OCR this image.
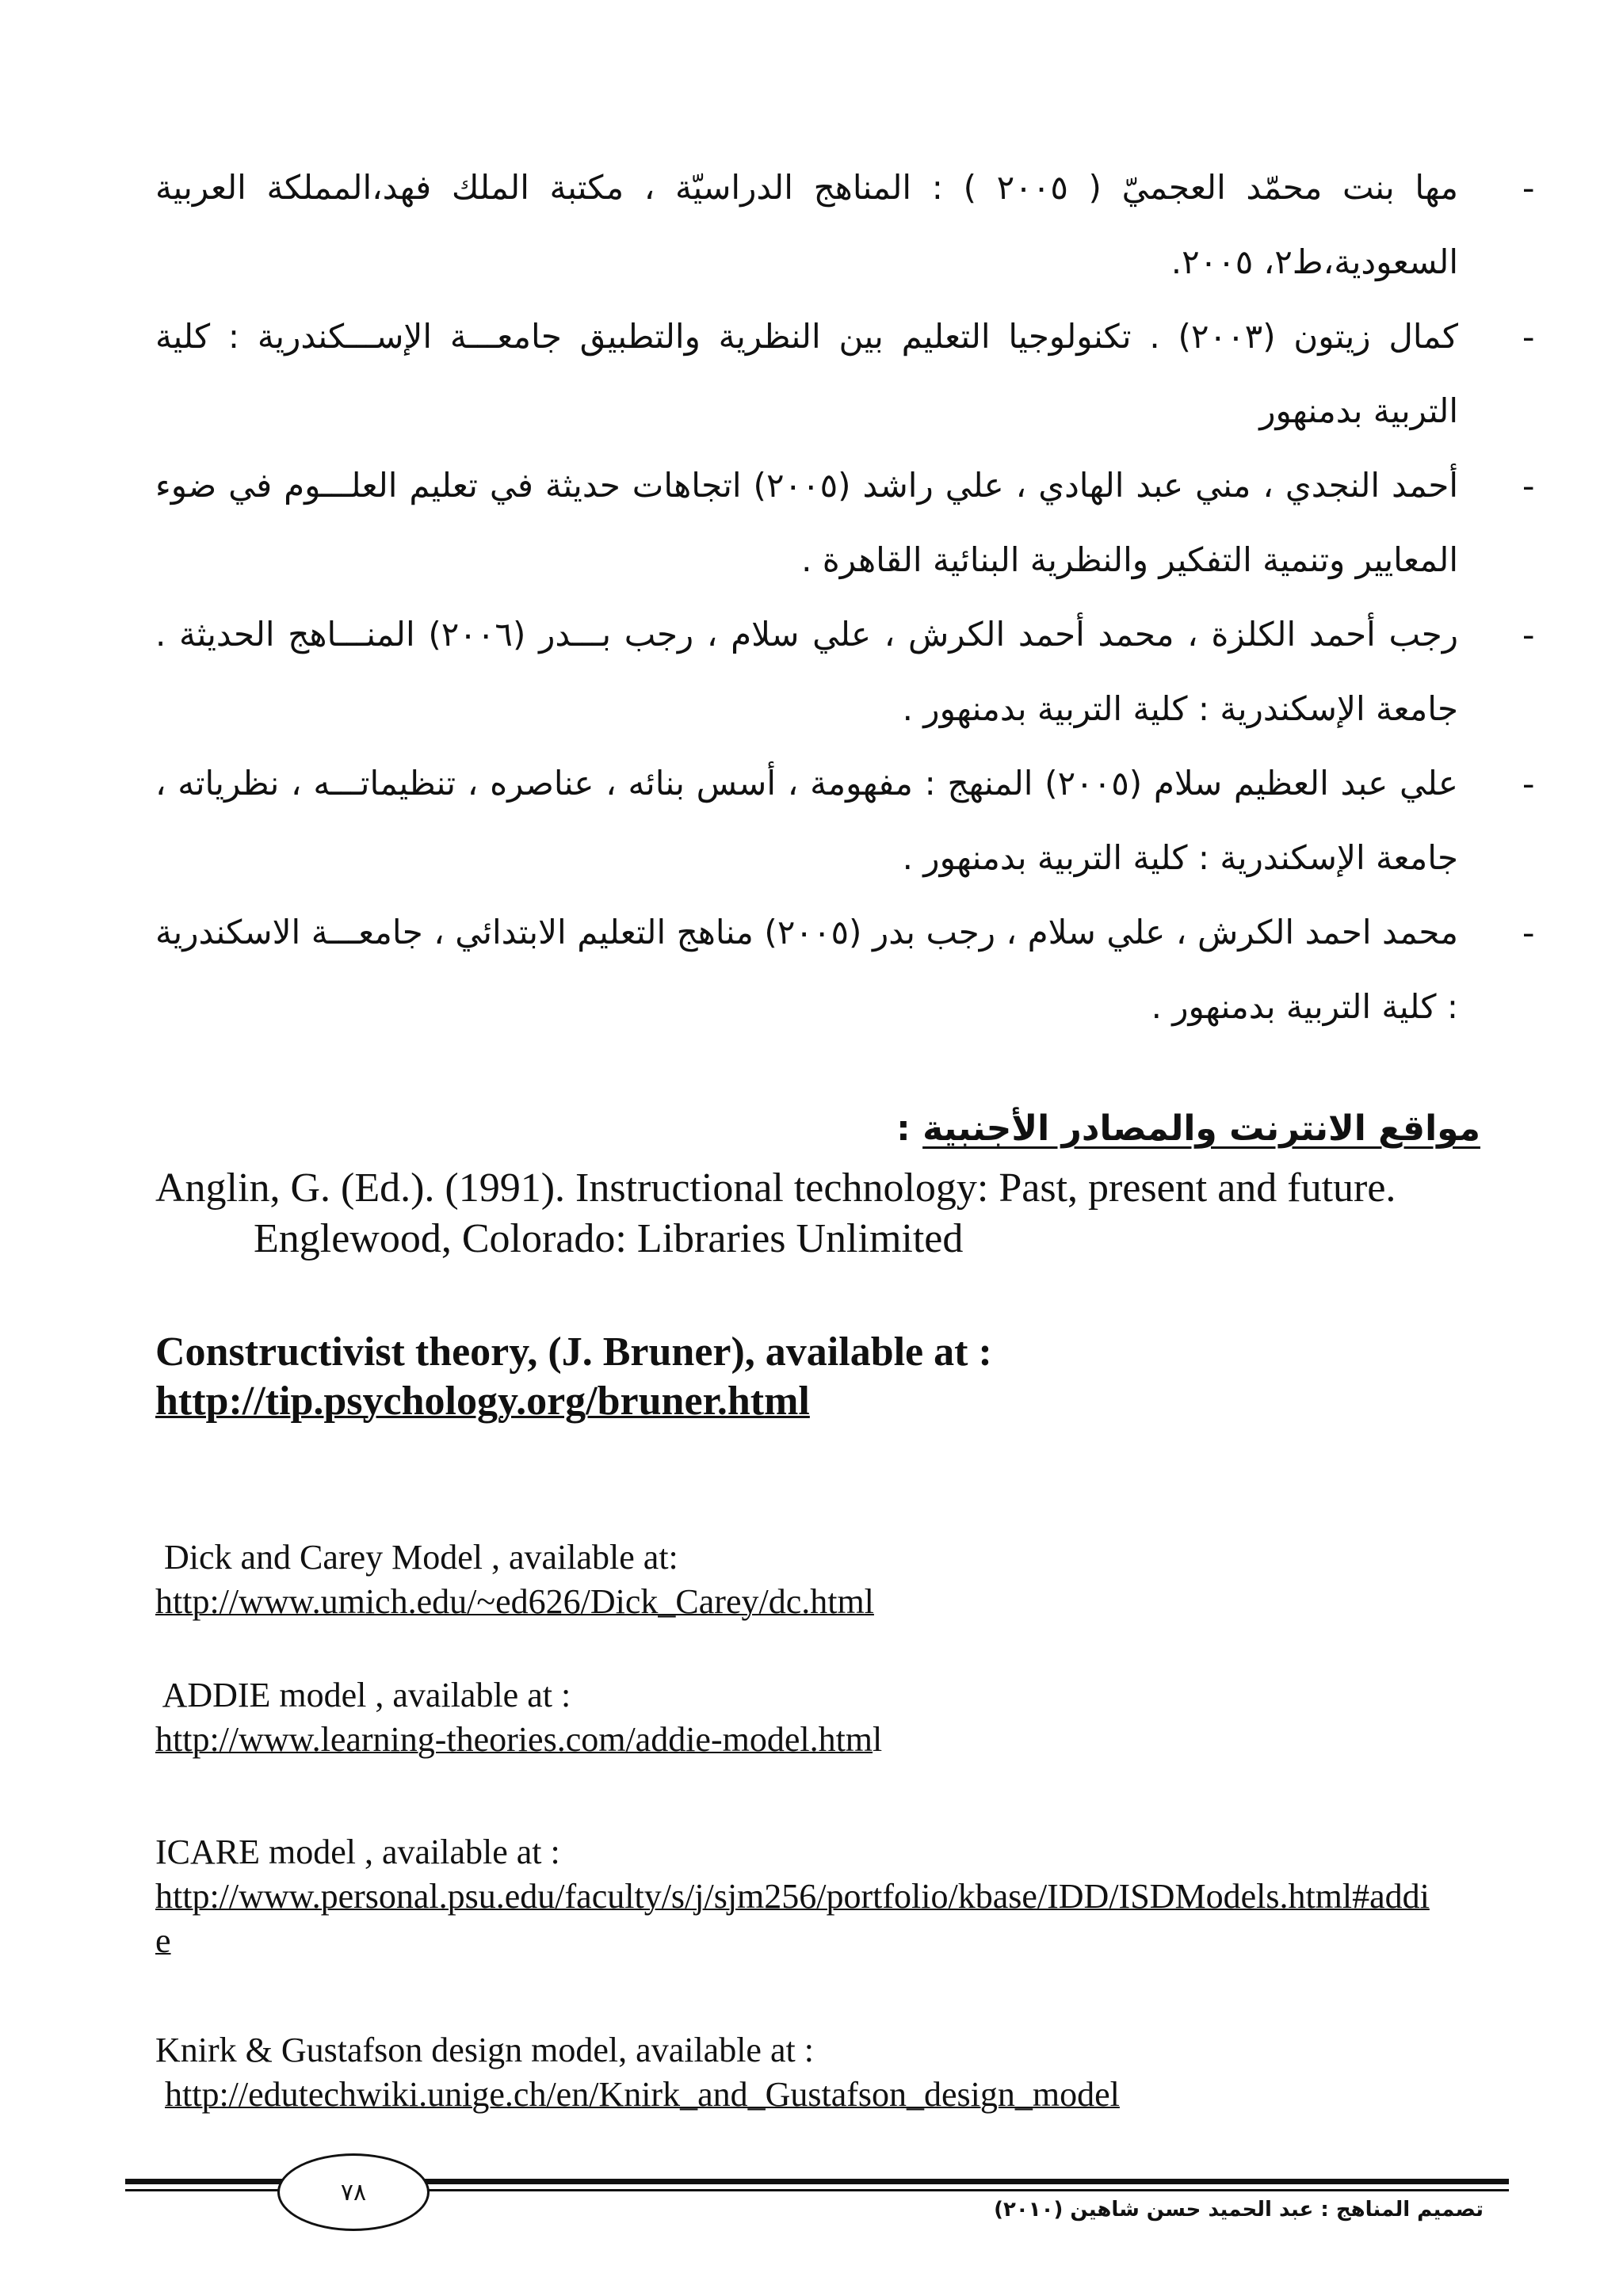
-
مها بنت محمّد العجميّ ( ٢٠٠٥ ) : المناهج الدراسيّة ، مكتبة الملك فهد،المملكة العربية السعودية،ط٢، ٢٠٠٥.

-
كمال زيتون (٢٠٠٣) . تكنولوجيا التعليم بين النظرية والتطبيق جامعـــة الإســـكندرية : كلية التربية بدمنهور

-
أحمد النجدي ، مني عبد الهادي ، علي راشد (٢٠٠٥) اتجاهات حديثة في تعليم العلـــوم في ضوء المعايير وتنمية التفكير والنظرية البنائية القاهرة .

-
رجب أحمد الكلزة ، محمد أحمد الكرش ، علي سلام ، رجب بـــدر (٢٠٠٦) المنـــاهج الحديثة . جامعة الإسكندرية : كلية التربية بدمنهور .

-
علي عبد العظيم سلام (٢٠٠٥) المنهج : مفهومة ، أسس بنائه ، عناصره ، تنظيماتـــه ، نظرياته ، جامعة الإسكندرية : كلية التربية بدمنهور .

-
محمد احمد الكرش ، علي سلام ، رجب بدر (٢٠٠٥) مناهج التعليم الابتدائي ، جامعـــة الاسكندرية : كلية التربية بدمنهور .

مواقع الانترنت والمصادر الأجنبية :
Anglin, G. (Ed.). (1991). Instructional technology: Past, present and future.
Englewood, Colorado: Libraries Unlimited
Constructivist theory, (J. Bruner), available at :
http://tip.psychology.org/bruner.html
Dick and Carey Model , available at:
http://www.umich.edu/~ed626/Dick_Carey/dc.html
ADDIE model , available at :
http://www.learning-theories.com/addie-model.html
ICARE model , available at :
http://www.personal.psu.edu/faculty/s/j/sjm256/portfolio/kbase/IDD/ISDModels.html#addie
Knirk & Gustafson design model, available at :
http://edutechwiki.unige.ch/en/Knirk_and_Gustafson_design_model
٧٨
تصميم المناهج : عبد الحميد حسن شاهين (٢٠١٠)
